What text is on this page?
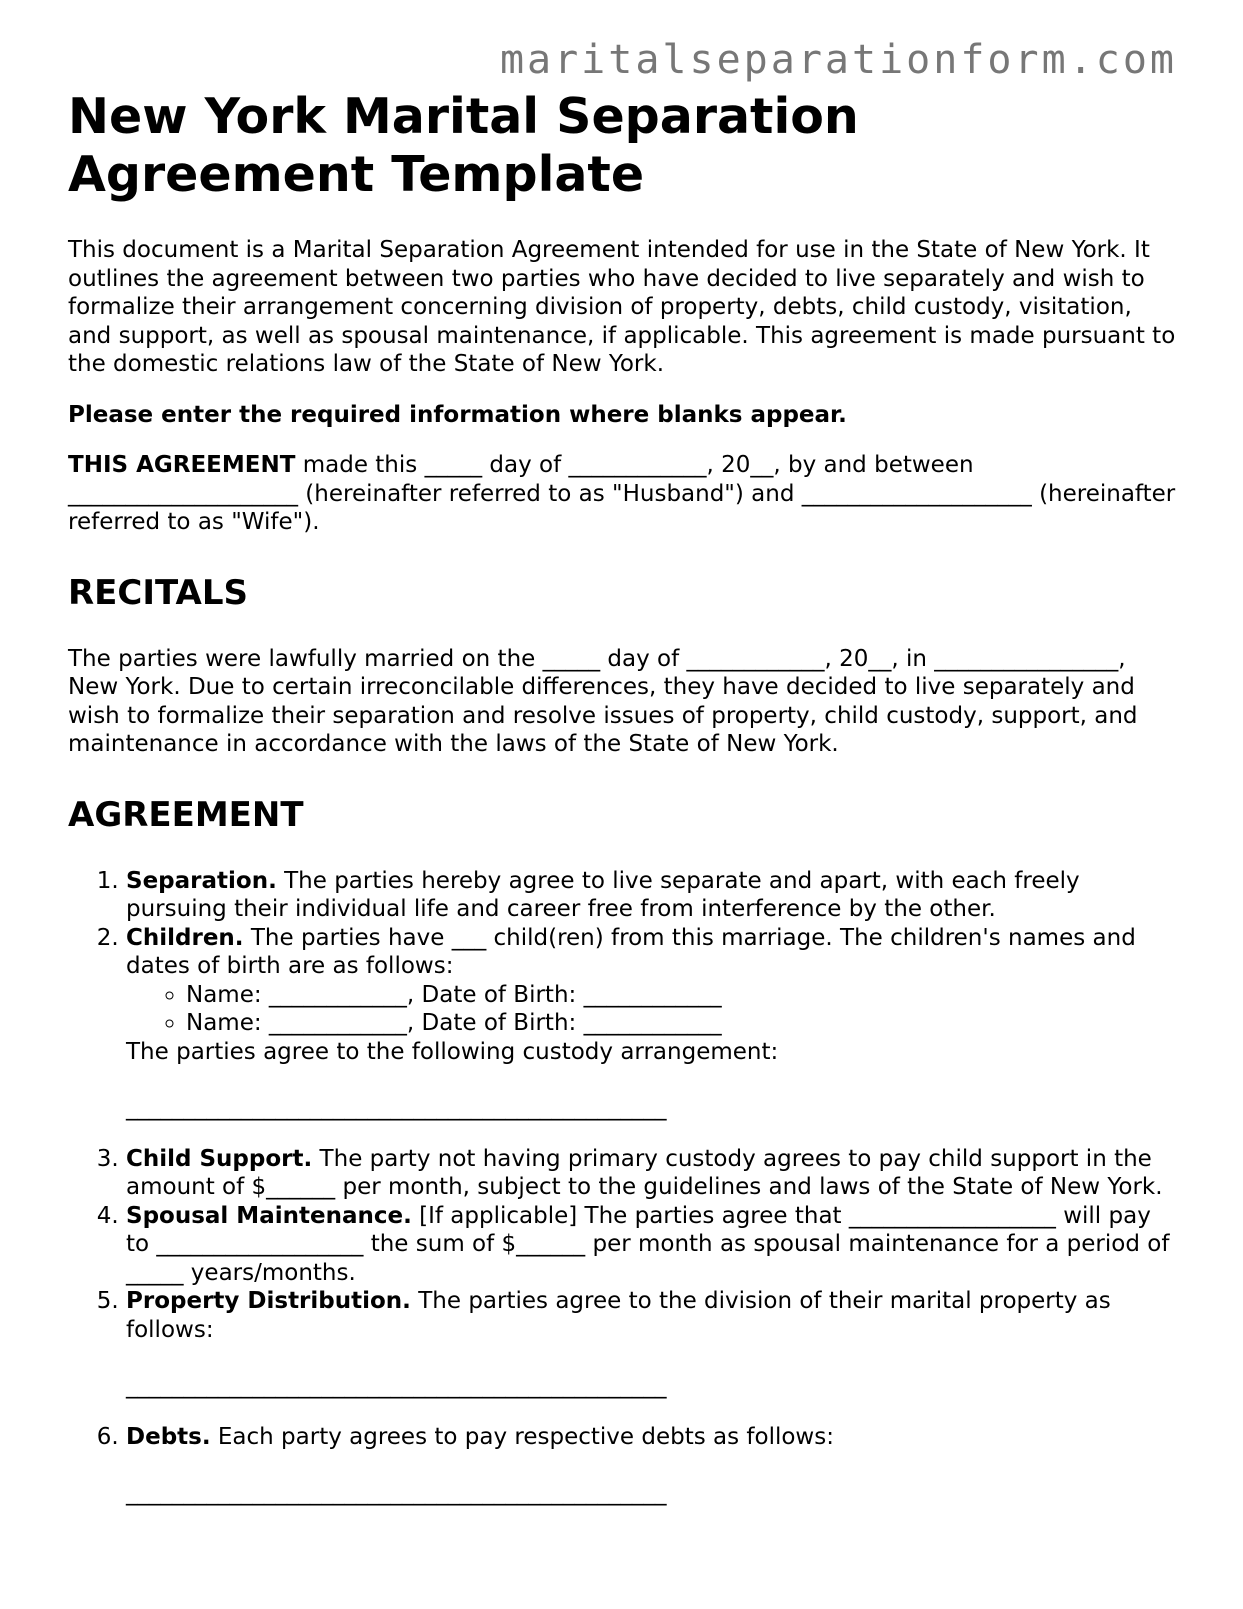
maritalseparationform.com
New York Marital Separation Agreement Template

This document is a Marital Separation Agreement intended for use in the State of New York. It outlines the agreement between two parties who have decided to live separately and wish to formalize their arrangement concerning division of property, debts, child custody, visitation, and support, as well as spousal maintenance, if applicable. This agreement is made pursuant to the domestic relations law of the State of New York.

Please enter the required information where blanks appear.

THIS AGREEMENT made this _____ day of ____________, 20__, by and between ____________________ (hereinafter referred to as "Husband") and ____________________ (hereinafter referred to as "Wife").

RECITALS

The parties were lawfully married on the _____ day of ____________, 20__, in ________________, New York. Due to certain irreconcilable differences, they have decided to live separately and wish to formalize their separation and resolve issues of property, child custody, support, and maintenance in accordance with the laws of the State of New York.

AGREEMENT
1. Separation. The parties hereby agree to live separate and apart, with each freely pursuing their individual life and career free from interference by the other.
2. Children. The parties have ___ child(ren) from this marriage. The children's names and dates of birth are as follows:
◦ Name: ____________, Date of Birth: ____________
◦ Name: ____________, Date of Birth: ____________
The parties agree to the following custody arrangement:
_______________________________________________
3. Child Support. The party not having primary custody agrees to pay child support in the amount of $______ per month, subject to the guidelines and laws of the State of New York.
4. Spousal Maintenance. [If applicable] The parties agree that __________________ will pay to __________________ the sum of $______ per month as spousal maintenance for a period of _____ years/months.
5. Property Distribution. The parties agree to the division of their marital property as follows:
_______________________________________________
6. Debts. Each party agrees to pay respective debts as follows:
_______________________________________________
